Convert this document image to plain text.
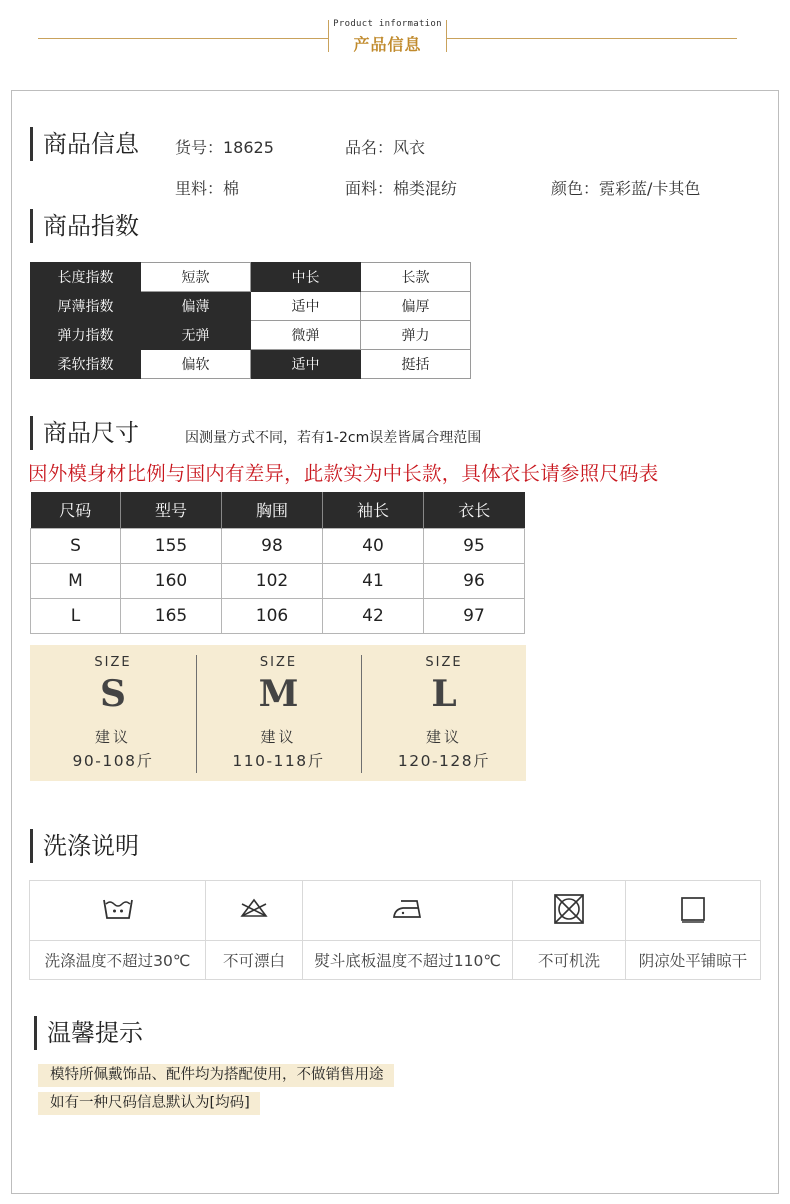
Product information
产品信息
商品信息 货号：18625	品名：风衣
里料：棉	面料：棉类混纺	颜色：霓彩蓝/卡其色
商品指数
长度指数	短款	中长	长款
厚薄指数	偏薄	适中	偏厚
弹力指数	无弹	微弹	弹力
柔软指数	偏软	适中	挺括
商品尺寸	因测量方式不同，若有1-2cm误差皆属合理范围
因外模身材比例与国内有差异，此款实为中长款，具体衣长请参照尺码表
尺码	型号	胸围	袖长	衣长
S	155	98	40	95
M	160	102	41	96
L	165	106	42	97
SIZE
S
建议
90-108斤
SIZE
M
建议
110-118斤
SIZE
L
建议
120-128斤
洗涤说明

洗涤温度不超过30℃	不可漂白	熨斗底板温度不超过110℃	不可机洗	阴凉处平铺晾干
温馨提示
模特所佩戴饰品、配件均为搭配使用，不做销售用途
如有一种尺码信息默认为[均码]
